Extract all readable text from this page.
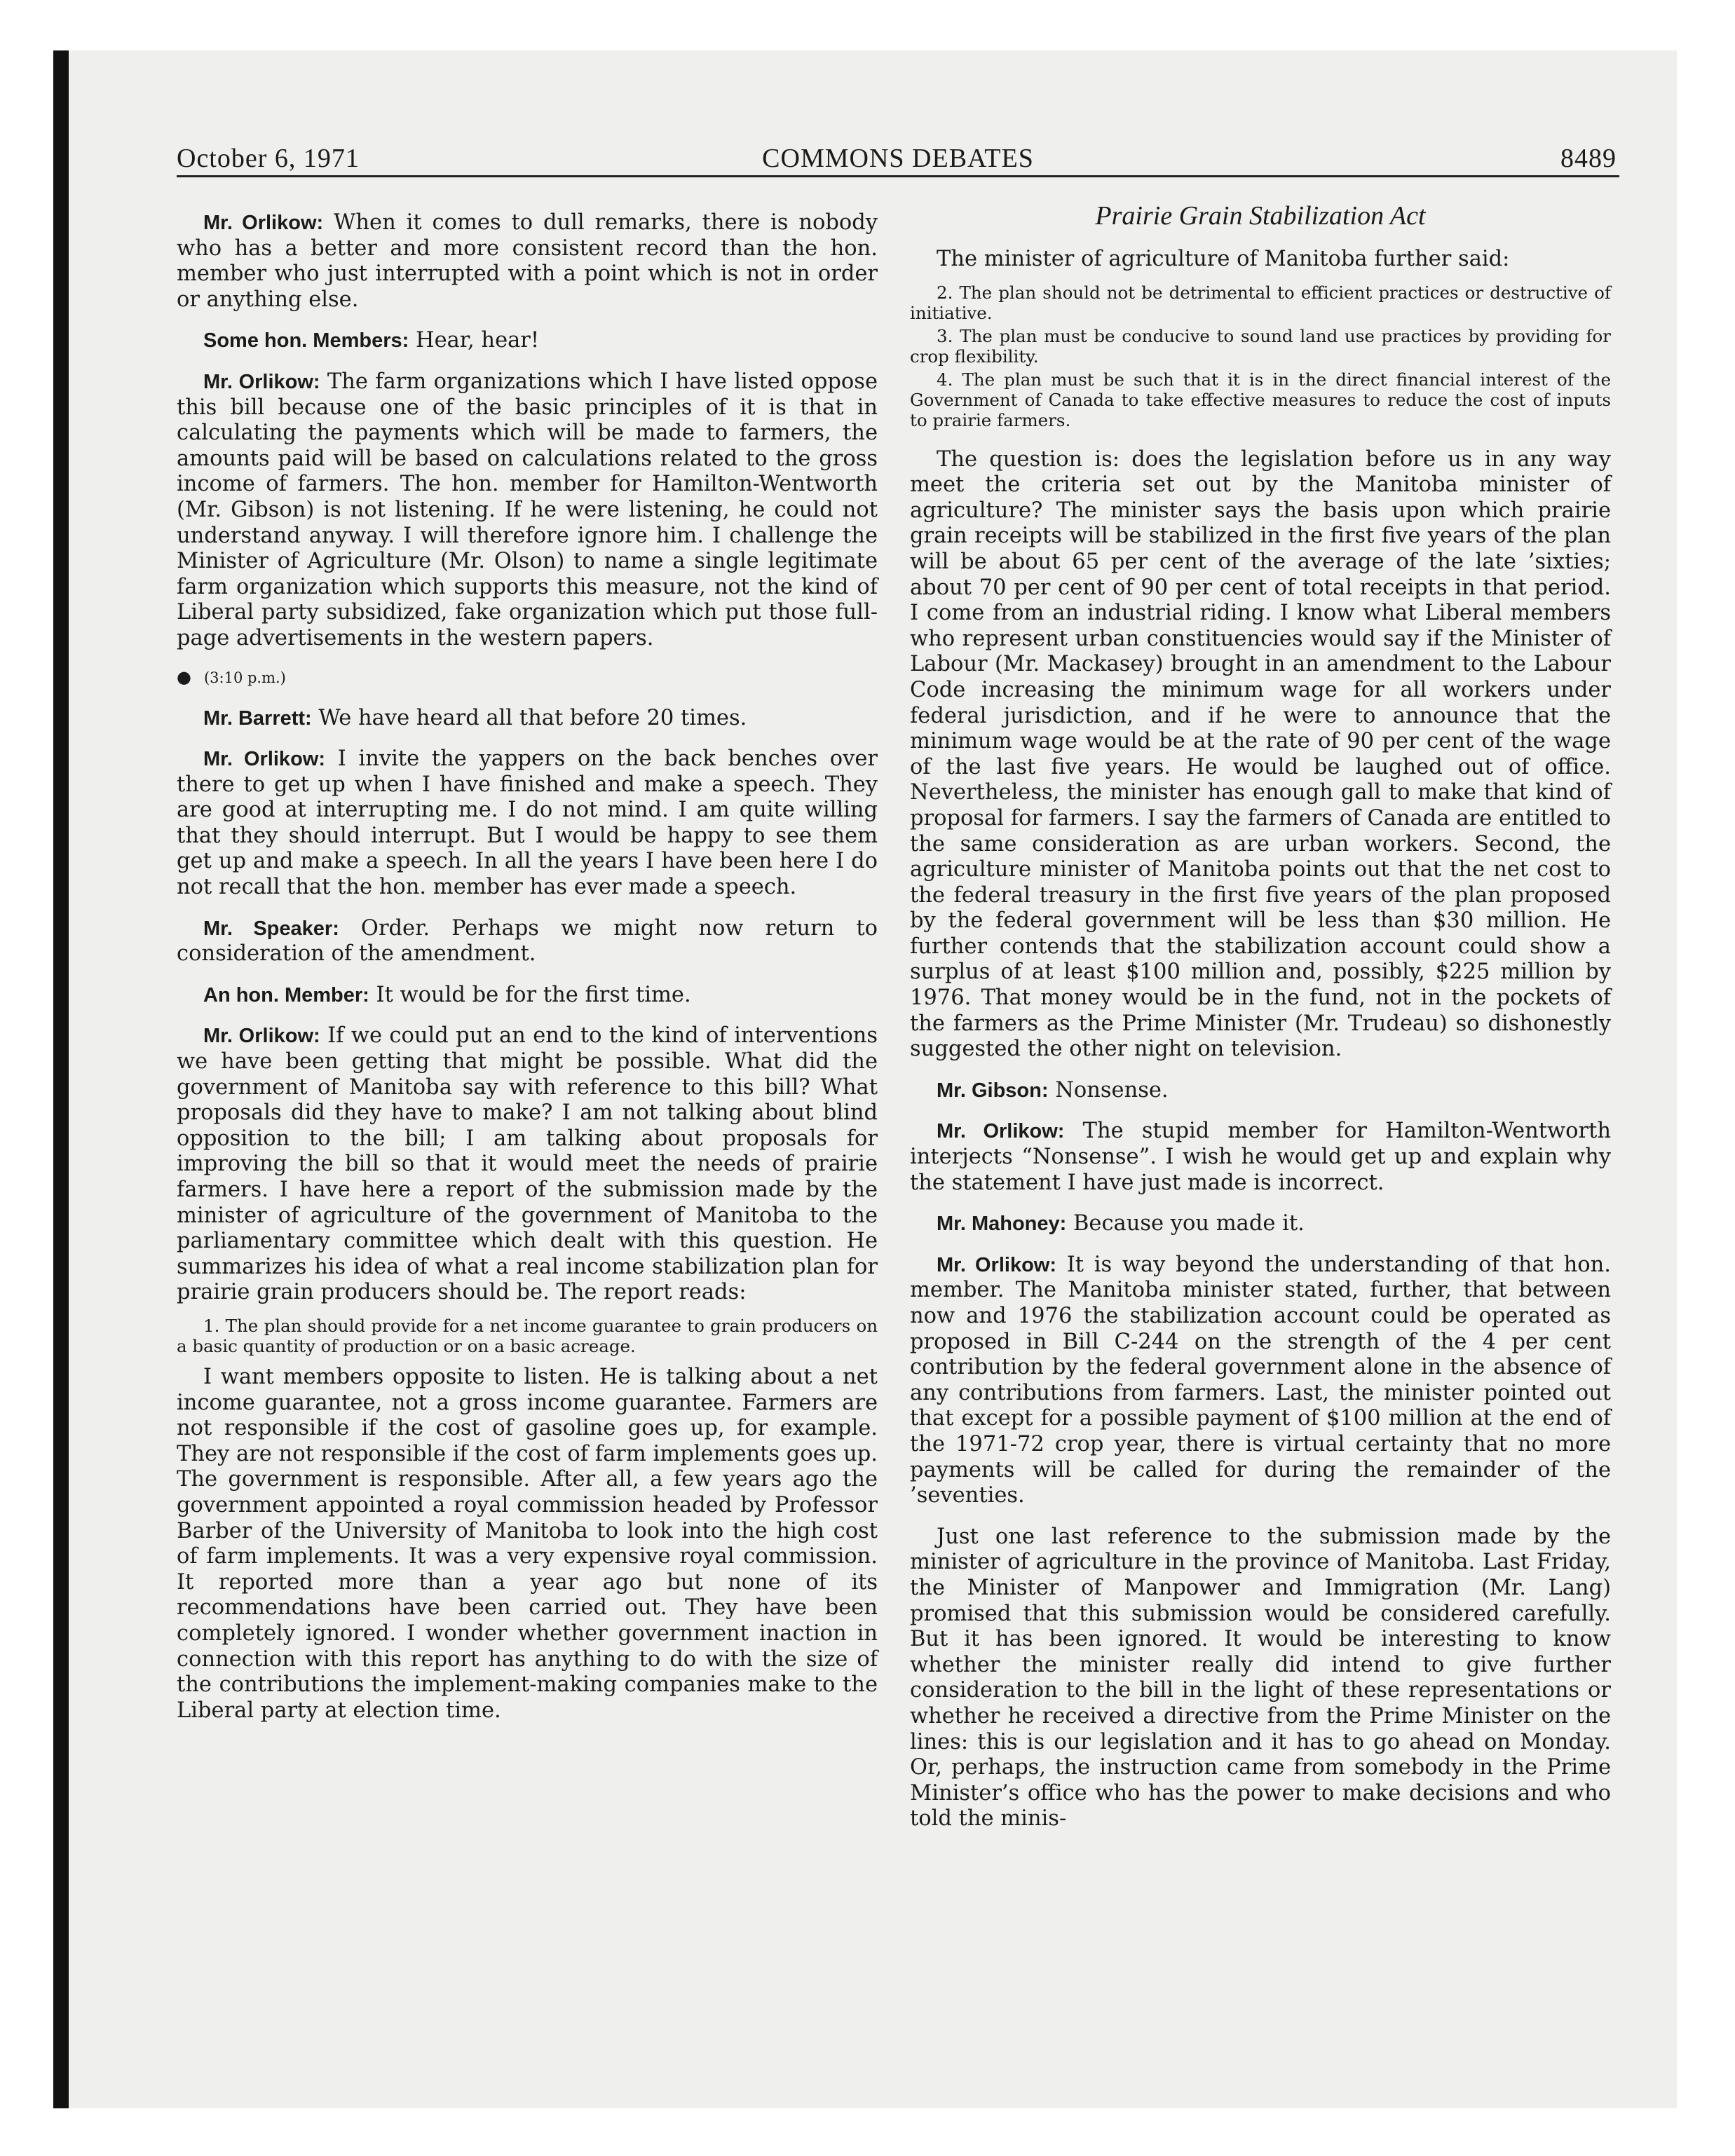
October 6, 1971	COMMONS DEBATES	8489

Mr. Orlikow: When it comes to dull remarks, there is nobody who has a better and more consistent record than the hon. member who just interrupted with a point which is not in order or anything else.

Some hon. Members: Hear, hear!

Mr. Orlikow: The farm organizations which I have listed oppose this bill because one of the basic principles of it is that in calculating the payments which will be made to farmers, the amounts paid will be based on calculations related to the gross income of farmers. The hon. member for Hamilton-Wentworth (Mr. Gibson) is not listening. If he were listening, he could not understand anyway. I will therefore ignore him. I challenge the Minister of Agriculture (Mr. Olson) to name a single legitimate farm organization which supports this measure, not the kind of Liberal party subsidized, fake organization which put those full-page advertisements in the western papers.

● (3:10 p.m.)

Mr. Barrett: We have heard all that before 20 times.

Mr. Orlikow: I invite the yappers on the back benches over there to get up when I have finished and make a speech. They are good at interrupting me. I do not mind. I am quite willing that they should interrupt. But I would be happy to see them get up and make a speech. In all the years I have been here I do not recall that the hon. member has ever made a speech.

Mr. Speaker: Order. Perhaps we might now return to consideration of the amendment.

An hon. Member: It would be for the first time.

Mr. Orlikow: If we could put an end to the kind of interventions we have been getting that might be possible. What did the government of Manitoba say with reference to this bill? What proposals did they have to make? I am not talking about blind opposition to the bill; I am talking about proposals for improving the bill so that it would meet the needs of prairie farmers. I have here a report of the submission made by the minister of agriculture of the government of Manitoba to the parliamentary committee which dealt with this question. He summarizes his idea of what a real income stabilization plan for prairie grain producers should be. The report reads:

1. The plan should provide for a net income guarantee to grain producers on a basic quantity of production or on a basic acreage.

I want members opposite to listen. He is talking about a net income guarantee, not a gross income guarantee. Farmers are not responsible if the cost of gasoline goes up, for example. They are not responsible if the cost of farm implements goes up. The government is responsible. After all, a few years ago the government appointed a royal commission headed by Professor Barber of the University of Manitoba to look into the high cost of farm implements. It was a very expensive royal commission. It reported more than a year ago but none of its recommendations have been carried out. They have been completely ignored. I wonder whether government inaction in connection with this report has anything to do with the size of the contributions the implement-making companies make to the Liberal party at election time.

Prairie Grain Stabilization Act

The minister of agriculture of Manitoba further said:

2. The plan should not be detrimental to efficient practices or destructive of initiative.
3. The plan must be conducive to sound land use practices by providing for crop flexibility.
4. The plan must be such that it is in the direct financial interest of the Government of Canada to take effective measures to reduce the cost of inputs to prairie farmers.

The question is: does the legislation before us in any way meet the criteria set out by the Manitoba minister of agriculture? The minister says the basis upon which prairie grain receipts will be stabilized in the first five years of the plan will be about 65 per cent of the average of the late ’sixties; about 70 per cent of 90 per cent of total receipts in that period. I come from an industrial riding. I know what Liberal members who represent urban constituencies would say if the Minister of Labour (Mr. Mackasey) brought in an amendment to the Labour Code increasing the minimum wage for all workers under federal jurisdiction, and if he were to announce that the minimum wage would be at the rate of 90 per cent of the wage of the last five years. He would be laughed out of office. Nevertheless, the minister has enough gall to make that kind of proposal for farmers. I say the farmers of Canada are entitled to the same consideration as are urban workers. Second, the agriculture minister of Manitoba points out that the net cost to the federal treasury in the first five years of the plan proposed by the federal government will be less than $30 million. He further contends that the stabilization account could show a surplus of at least $100 million and, possibly, $225 million by 1976. That money would be in the fund, not in the pockets of the farmers as the Prime Minister (Mr. Trudeau) so dishonestly suggested the other night on television.

Mr. Gibson: Nonsense.

Mr. Orlikow: The stupid member for Hamilton-Wentworth interjects “Nonsense”. I wish he would get up and explain why the statement I have just made is incorrect.

Mr. Mahoney: Because you made it.

Mr. Orlikow: It is way beyond the understanding of that hon. member. The Manitoba minister stated, further, that between now and 1976 the stabilization account could be operated as proposed in Bill C-244 on the strength of the 4 per cent contribution by the federal government alone in the absence of any contributions from farmers. Last, the minister pointed out that except for a possible payment of $100 million at the end of the 1971-72 crop year, there is virtual certainty that no more payments will be called for during the remainder of the ’seventies.

Just one last reference to the submission made by the minister of agriculture in the province of Manitoba. Last Friday, the Minister of Manpower and Immigration (Mr. Lang) promised that this submission would be considered carefully. But it has been ignored. It would be interesting to know whether the minister really did intend to give further consideration to the bill in the light of these representations or whether he received a directive from the Prime Minister on the lines: this is our legislation and it has to go ahead on Monday. Or, perhaps, the instruction came from somebody in the Prime Minister’s office who has the power to make decisions and who told the minis-
